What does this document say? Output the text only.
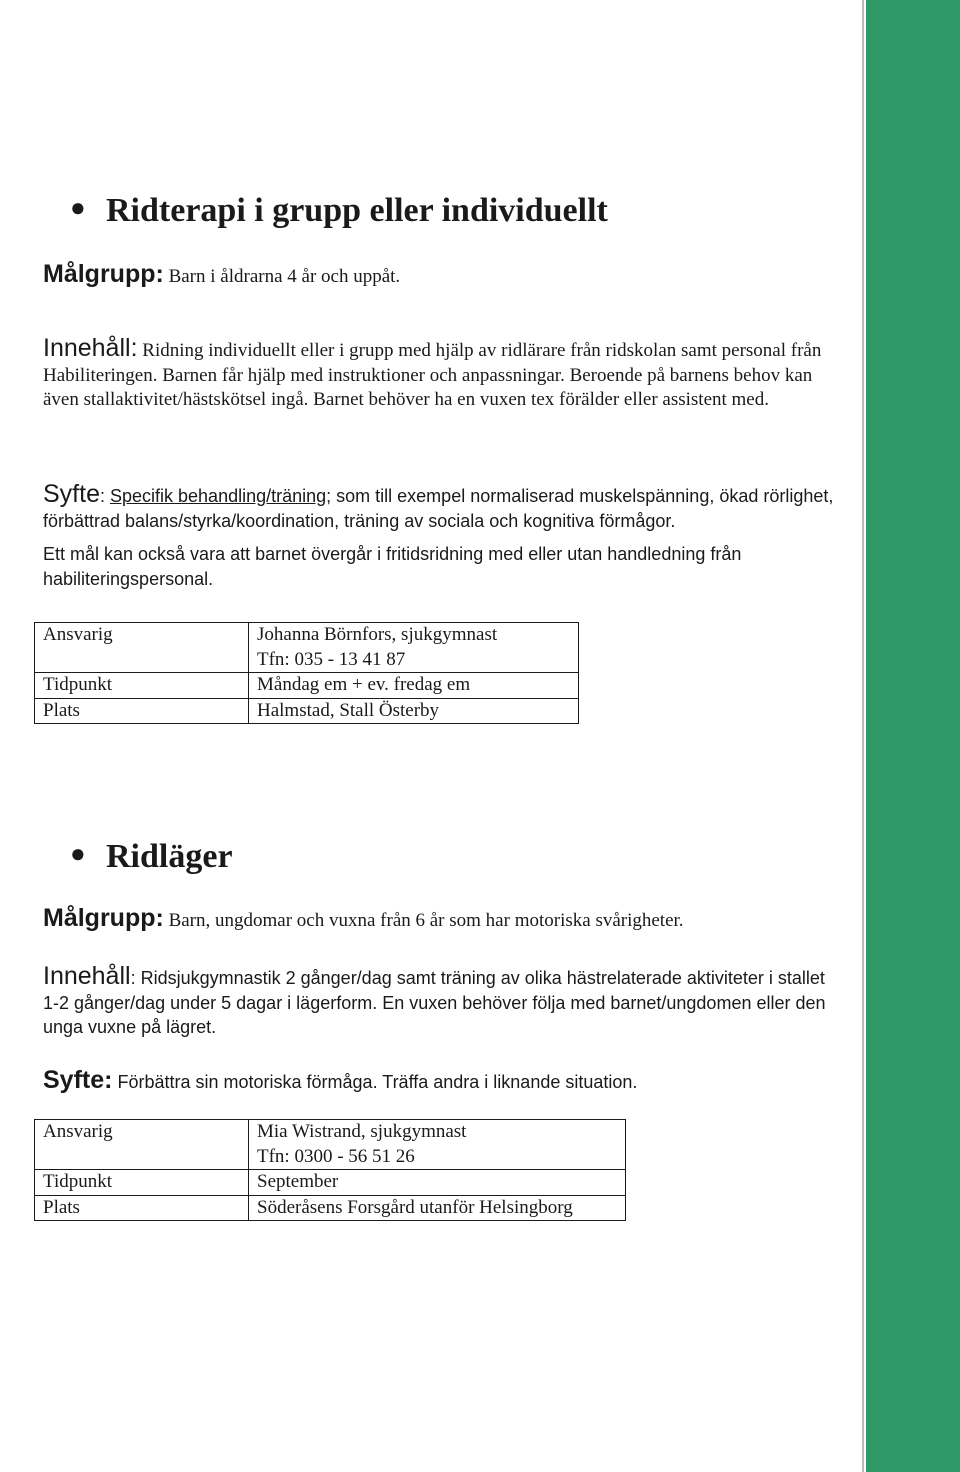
● Ridterapi i grupp eller individuellt
Målgrupp: Barn i åldrarna 4 år och uppåt.
Innehåll: Ridning individuellt eller i grupp med hjälp av ridlärare från ridskolan samt personal från Habiliteringen. Barnen får hjälp med instruktioner och anpassningar. Beroende på barnens behov kan även stallaktivitet/hästskötsel ingå. Barnet behöver ha en vuxen tex förälder eller assistent med.
Syfte: Specifik behandling/träning; som till exempel normaliserad muskelspänning, ökad rörlighet, förbättrad balans/styrka/koordination, träning av sociala och kognitiva förmågor.
Ett mål kan också vara att barnet övergår i fritidsridning med eller utan handledning från habiliteringspersonal.
Ansvarig	Johanna Börnfors, sjukgymnast
Tfn: 035 - 13 41 87
Tidpunkt	Måndag em + ev. fredag em
Plats	Halmstad, Stall Österby
● Ridläger
Målgrupp: Barn, ungdomar och vuxna från 6 år som har motoriska svårigheter.
Innehåll: Ridsjukgymnastik 2 gånger/dag samt träning av olika hästrelaterade aktiviteter i stallet 1-2 gånger/dag under 5 dagar i lägerform. En vuxen behöver följa med barnet/ungdomen eller den unga vuxne på lägret.
Syfte: Förbättra sin motoriska förmåga. Träffa andra i liknande situation.
Ansvarig	Mia Wistrand, sjukgymnast
Tfn: 0300 - 56 51 26
Tidpunkt	September
Plats	Söderåsens Forsgård utanför Helsingborg
